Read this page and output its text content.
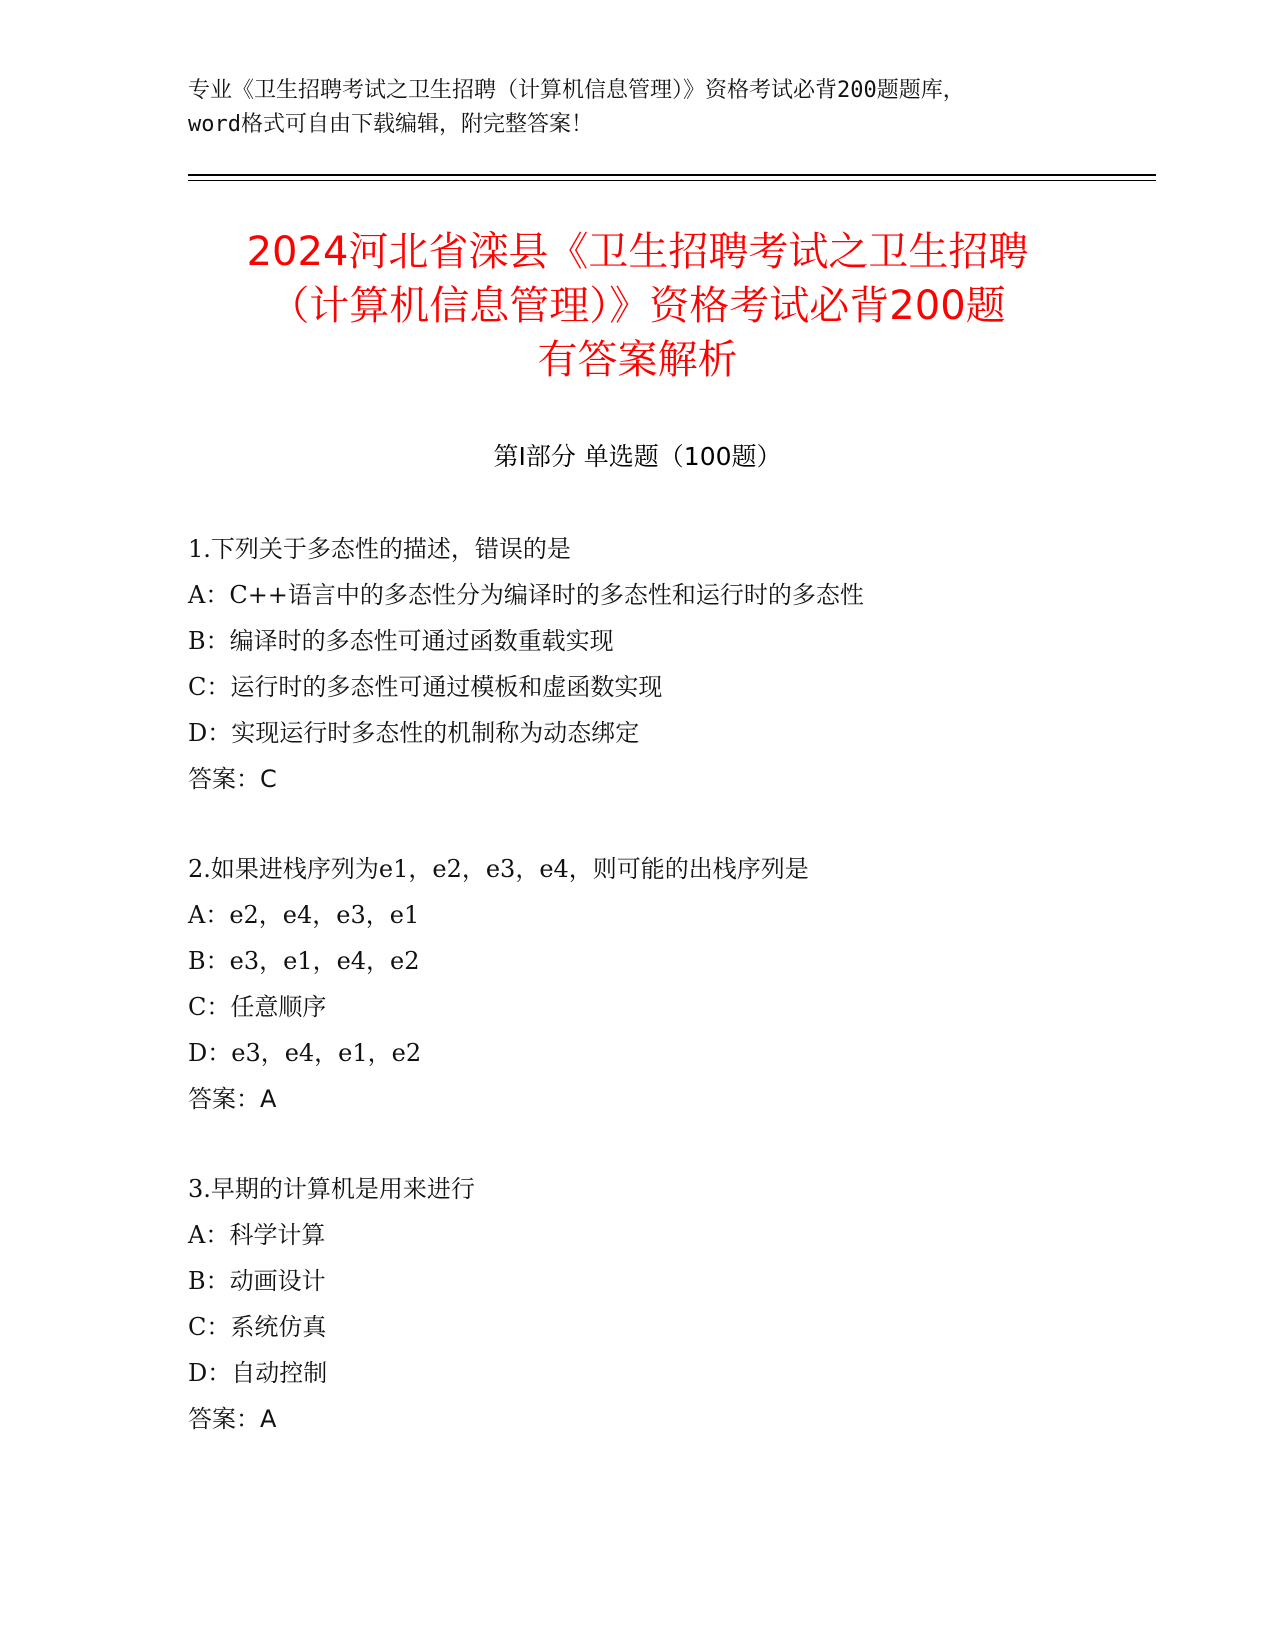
专业《卫生招聘考试之卫生招聘（计算机信息管理）》资格考试必背200题题库，
word格式可自由下载编辑，附完整答案！
2024河北省滦县《卫生招聘考试之卫生招聘
（计算机信息管理）》资格考试必背200题
有答案解析
第Ⅰ部分 单选题（100题）
1.下列关于多态性的描述，错误的是
A：C++语言中的多态性分为编译时的多态性和运行时的多态性
B：编译时的多态性可通过函数重载实现
C：运行时的多态性可通过模板和虚函数实现
D：实现运行时多态性的机制称为动态绑定
答案：C
2.如果进栈序列为e1，e2，e3，e4，则可能的出栈序列是
A：e2，e4，e3，e1
B：e3，e1，e4，e2
C：任意顺序
D：e3，e4，e1，e2
答案：A
3.早期的计算机是用来进行
A：科学计算
B：动画设计
C：系统仿真
D：自动控制
答案：A
